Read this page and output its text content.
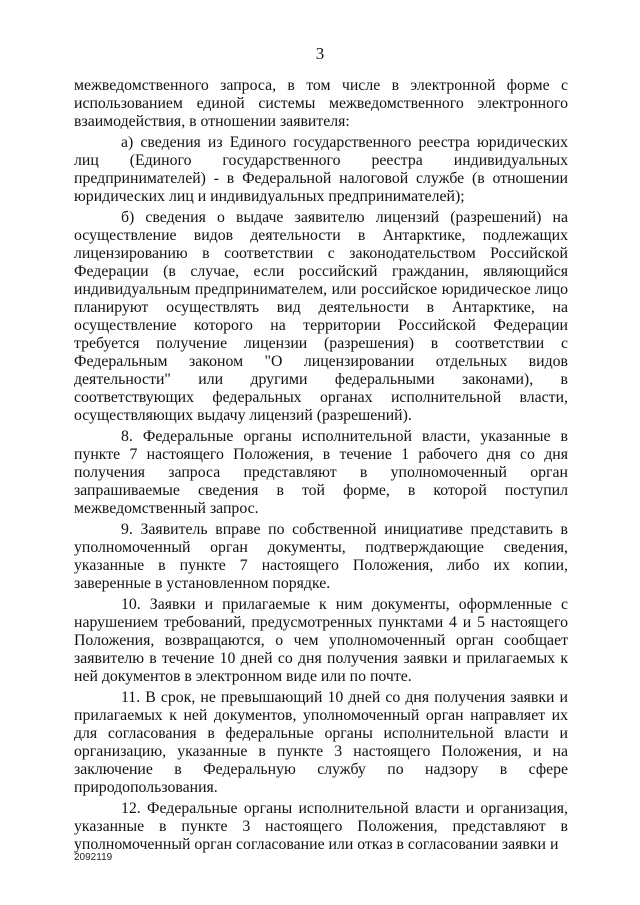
3

межведомственного запроса, в том числе в электронной форме с использованием единой системы межведомственного электронного взаимодействия, в отношении заявителя:

а) сведения из Единого государственного реестра юридических лиц (Единого государственного реестра индивидуальных предпринимателей) - в Федеральной налоговой службе (в отношении юридических лиц и индивидуальных предпринимателей);

б) сведения о выдаче заявителю лицензий (разрешений) на осуществление видов деятельности в Антарктике, подлежащих лицензированию в соответствии с законодательством Российской Федерации (в случае, если российский гражданин, являющийся индивидуальным предпринимателем, или российское юридическое лицо планируют осуществлять вид деятельности в Антарктике, на осуществление которого на территории Российской Федерации требуется получение лицензии (разрешения) в соответствии с Федеральным законом "О лицензировании отдельных видов деятельности" или другими федеральными законами), в соответствующих федеральных органах исполнительной власти, осуществляющих выдачу лицензий (разрешений).

8. Федеральные органы исполнительной власти, указанные в пункте 7 настоящего Положения, в течение 1 рабочего дня со дня получения запроса представляют в уполномоченный орган запрашиваемые сведения в той форме, в которой поступил межведомственный запрос.

9. Заявитель вправе по собственной инициативе представить в уполномоченный орган документы, подтверждающие сведения, указанные в пункте 7 настоящего Положения, либо их копии, заверенные в установленном порядке.

10. Заявки и прилагаемые к ним документы, оформленные с нарушением требований, предусмотренных пунктами 4 и 5 настоящего Положения, возвращаются, о чем уполномоченный орган сообщает заявителю в течение 10 дней со дня получения заявки и прилагаемых к ней документов в электронном виде или по почте.

11. В срок, не превышающий 10 дней со дня получения заявки и прилагаемых к ней документов, уполномоченный орган направляет их для согласования в федеральные органы исполнительной власти и организацию, указанные в пункте 3 настоящего Положения, и на заключение в Федеральную службу по надзору в сфере природопользования.

12. Федеральные органы исполнительной власти и организация, указанные в пункте 3 настоящего Положения, представляют в уполномоченный орган согласование или отказ в согласовании заявки и

2092119
